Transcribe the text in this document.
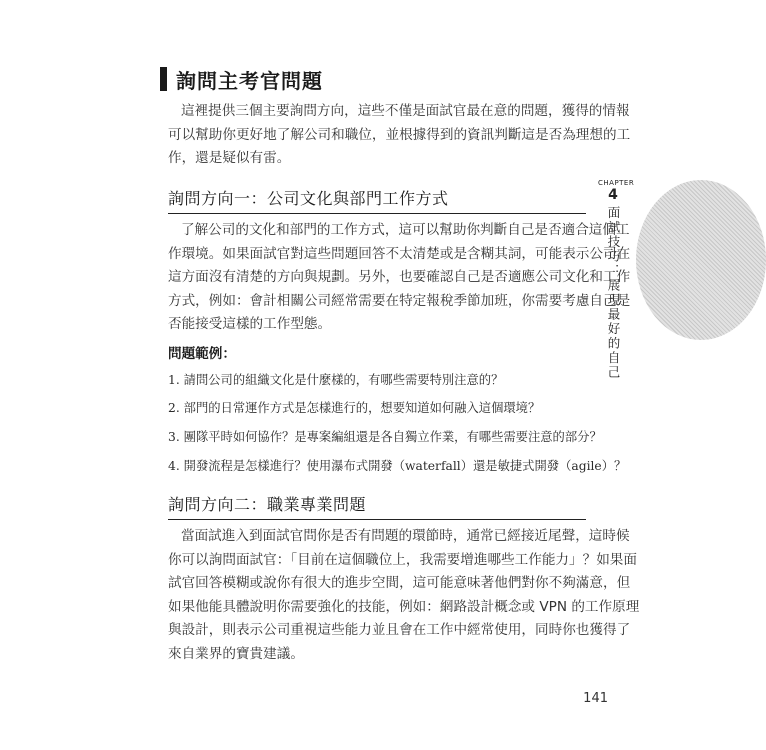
CHAPTER
4
面試技巧：展現最好的自己
詢問主考官問題
這裡提供三個主要詢問方向，這些不僅是面試官最在意的問題，獲得的情報
可以幫助你更好地了解公司和職位，並根據得到的資訊判斷這是否為理想的工
作，還是疑似有雷。
詢問方向一：公司文化與部門工作方式
了解公司的文化和部門的工作方式，這可以幫助你判斷自己是否適合這個工
作環境。如果面試官對這些問題回答不太清楚或是含糊其詞，可能表示公司在
這方面沒有清楚的方向與規劃。另外，也要確認自己是否適應公司文化和工作
方式，例如：會計相關公司經常需要在特定報稅季節加班，你需要考慮自己是
否能接受這樣的工作型態。
問題範例：
1. 請問公司的組織文化是什麼樣的，有哪些需要特別注意的？
2. 部門的日常運作方式是怎樣進行的，想要知道如何融入這個環境？
3. 團隊平時如何協作？是專案編組還是各自獨立作業，有哪些需要注意的部分？
4. 開發流程是怎樣進行？使用瀑布式開發（waterfall）還是敏捷式開發（agile）？
詢問方向二：職業專業問題
當面試進入到面試官問你是否有問題的環節時，通常已經接近尾聲，這時候
你可以詢問面試官：「目前在這個職位上，我需要增進哪些工作能力」？如果面
試官回答模糊或說你有很大的進步空間，這可能意味著他們對你不夠滿意，但
如果他能具體說明你需要強化的技能，例如：網路設計概念或 VPN 的工作原理
與設計，則表示公司重視這些能力並且會在工作中經常使用，同時你也獲得了
來自業界的寶貴建議。
141
